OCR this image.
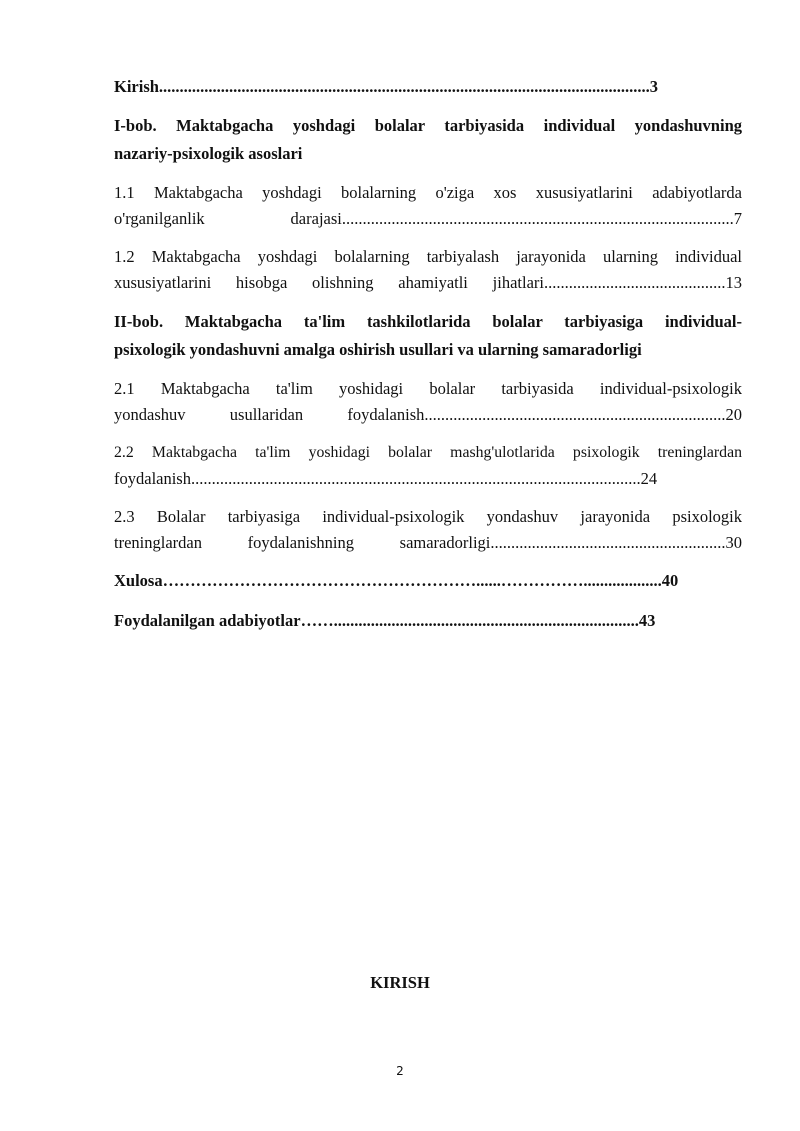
Kirish.......................................................................................................................3
I-bob. Maktabgacha yoshdagi bolalar tarbiyasida individual yondashuvning
nazariy-psixologik asoslari
1.1 Maktabgacha yoshdagi bolalarning o'ziga xos xususiyatlarini adabiyotlarda
o'rganilganlik darajasi...............................................................................................7
1.2 Maktabgacha yoshdagi bolalarning tarbiyalash jarayonida ularning individual
xususiyatlarini hisobga olishning ahamiyatli jihatlari............................................13
II-bob. Maktabgacha ta'lim tashkilotlarida bolalar tarbiyasiga individual-
psixologik yondashuvni amalga oshirish usullari va ularning samaradorligi
2.1 Maktabgacha ta'lim yoshidagi bolalar tarbiyasida individual-psixologik
yondashuv usullaridan foydalanish.........................................................................20
2.2 Maktabgacha ta'lim yoshidagi bolalar mashg'ulotlarida psixologik treninglardan
foydalanish.............................................................................................................24
2.3 Bolalar tarbiyasiga individual-psixologik yondashuv jarayonida psixologik
treninglardan foydalanishning samaradorligi.........................................................30
Xulosa…………………………………………………......……………...................40
Foydalanilgan adabiyotlar……..........................................................................43
KIRISH
2
